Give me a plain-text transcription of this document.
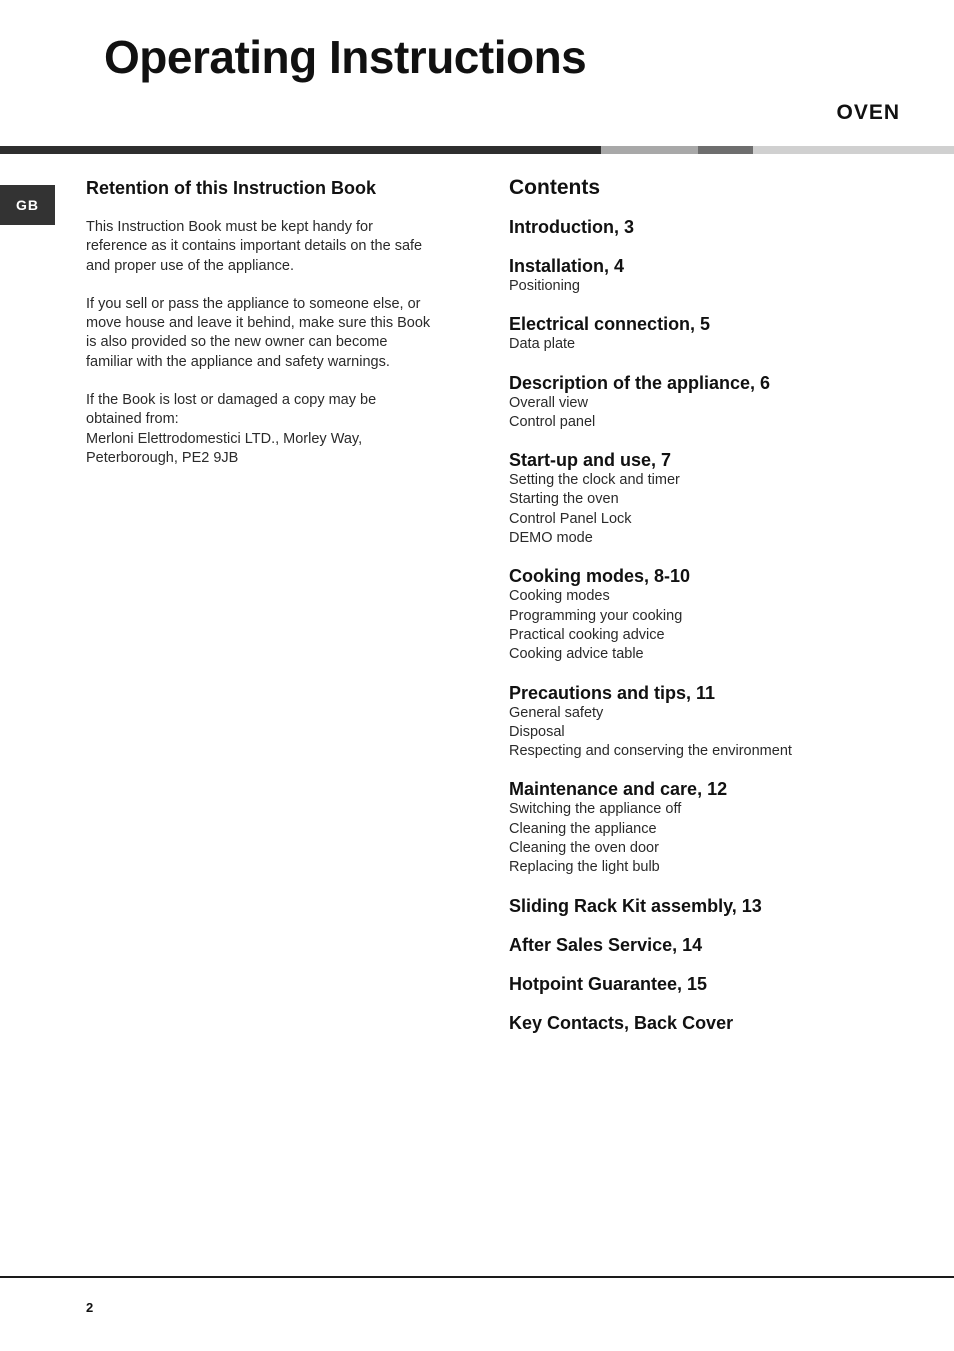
Operating Instructions
OVEN
GB
Retention of this Instruction Book

This Instruction Book must be kept handy for
reference as it contains important details on the safe
and proper use of the appliance.

If you sell or pass the appliance to someone else, or
move house and leave it behind, make sure this Book
is also provided so the new owner can become
familiar with the appliance and safety warnings.

If the Book is lost or damaged a copy may be
obtained from:
Merloni Elettrodomestici LTD., Morley Way,
Peterborough, PE2 9JB

Contents
Introduction, 3
Installation, 4
Positioning
Electrical connection, 5
Data plate
Description of the appliance, 6
Overall view
Control panel
Start-up and use, 7
Setting the clock and timer
Starting the oven
Control Panel Lock
DEMO mode
Cooking modes, 8-10
Cooking modes
Programming your cooking
Practical cooking advice
Cooking advice table
Precautions and tips, 11
General safety
Disposal
Respecting and conserving the environment
Maintenance and care, 12
Switching the appliance off
Cleaning the appliance
Cleaning the oven door
Replacing the light bulb
Sliding Rack Kit assembly, 13
After Sales Service, 14
Hotpoint Guarantee, 15
Key Contacts, Back Cover
2
